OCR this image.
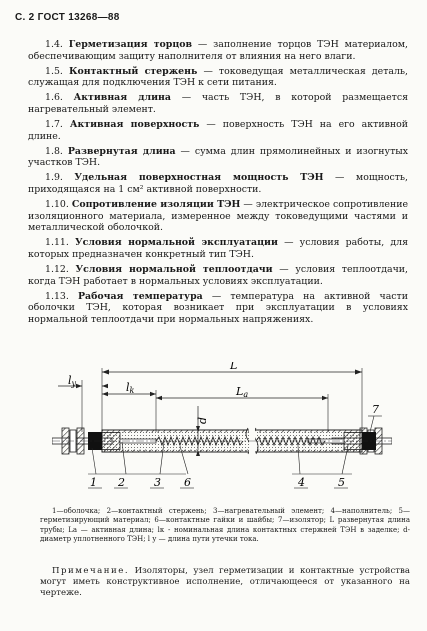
С. 2 ГОСТ 13268—88

1.4. Герметизация торцов — заполнение торцов ТЭН материалом, обеспечивающим защиту наполнителя от влияния на него влаги.

1.5. Контактный стержень — токоведущая металлическая деталь, служащая для подключения ТЭН к сети питания.

1.6. Активная длина — часть ТЭН, в которой размещается нагревательный элемент.

1.7. Активная поверхность — поверхность ТЭН на его активной длине.

1.8. Развернутая длина — сумма длин прямолинейных и изогнутых участков ТЭН.

1.9. Удельная поверхностная мощность ТЭН — мощность, приходящаяся на 1 см² активной поверхности.

1.10. Сопротивление изоляции ТЭН — электрическое сопротивление изоляционного материала, измеренное между токоведущими частями и металлической оболочкой.

1.11. Условия нормальной эксплуатации — условия работы, для которых предназначен конкретный тип ТЭН.

1.12. Условия нормальной теплоотдачи — условия теплоотдачи, когда ТЭН работает в нормальных условиях эксплуатации.

1.13. Рабочая температура — температура на активной части оболочки ТЭН, которая возникает при эксплуатации в условиях нормальной теплоотдачи при нормальных напряжениях.

L
ly	lk	La
d
1 2	3	4	5
6
7
1—оболочка; 2—контактный стержень; 3—нагревательный элемент; 4—наполнитель; 5—герметизирующий материал; 6—контактные гайки и шайбы; 7—изолятор; L развернутая длина трубы; Lа — активная длина; lк - номинальная длина контактных стержней ТЭН в заделке; d- диаметр уплотненного ТЭН; l у — длина пути утечки тока.
Примечание. Изоляторы, узел герметизации и контактные устройства могут иметь конструктивное исполнение, отличающееся от указанного на чертеже.
